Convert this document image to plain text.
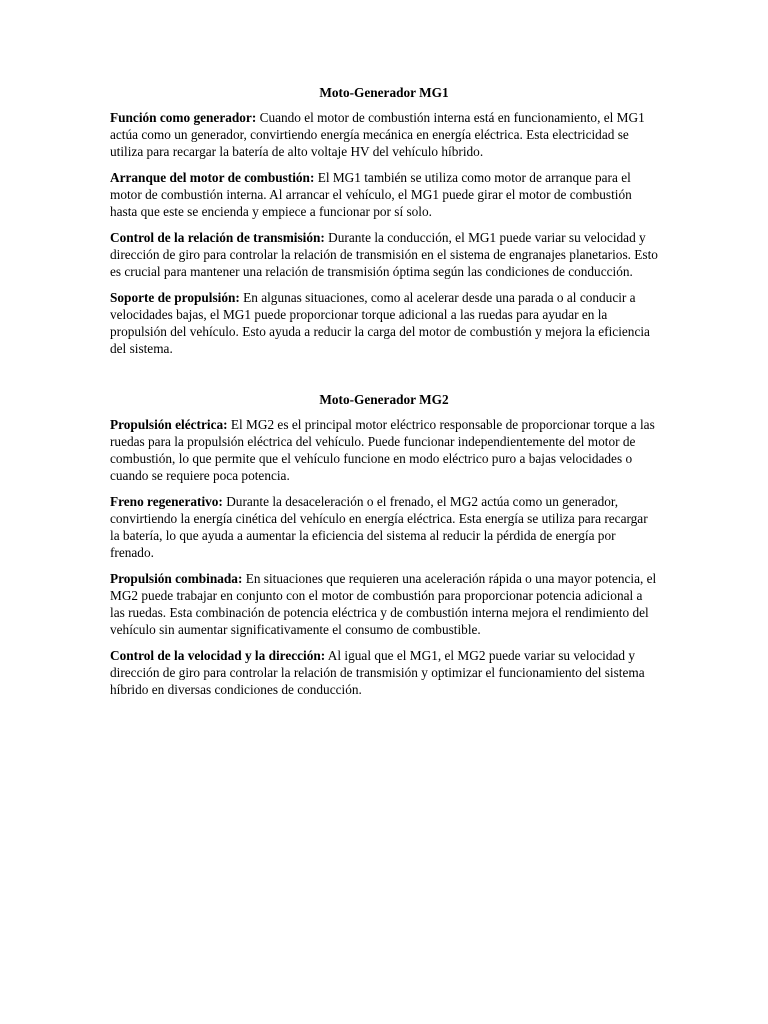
Moto-Generador MG1

Función como generador: Cuando el motor de combustión interna está en funcionamiento, el MG1 actúa como un generador, convirtiendo energía mecánica en energía eléctrica. Esta electricidad se utiliza para recargar la batería de alto voltaje HV del vehículo híbrido.

Arranque del motor de combustión: El MG1 también se utiliza como motor de arranque para el motor de combustión interna. Al arrancar el vehículo, el MG1 puede girar el motor de combustión hasta que este se encienda y empiece a funcionar por sí solo.

Control de la relación de transmisión: Durante la conducción, el MG1 puede variar su velocidad y dirección de giro para controlar la relación de transmisión en el sistema de engranajes planetarios. Esto es crucial para mantener una relación de transmisión óptima según las condiciones de conducción.

Soporte de propulsión: En algunas situaciones, como al acelerar desde una parada o al conducir a velocidades bajas, el MG1 puede proporcionar torque adicional a las ruedas para ayudar en la propulsión del vehículo. Esto ayuda a reducir la carga del motor de combustión y mejora la eficiencia del sistema.

Moto-Generador MG2

Propulsión eléctrica: El MG2 es el principal motor eléctrico responsable de proporcionar torque a las ruedas para la propulsión eléctrica del vehículo. Puede funcionar independientemente del motor de combustión, lo que permite que el vehículo funcione en modo eléctrico puro a bajas velocidades o cuando se requiere poca potencia.

Freno regenerativo: Durante la desaceleración o el frenado, el MG2 actúa como un generador, convirtiendo la energía cinética del vehículo en energía eléctrica. Esta energía se utiliza para recargar la batería, lo que ayuda a aumentar la eficiencia del sistema al reducir la pérdida de energía por frenado.

Propulsión combinada: En situaciones que requieren una aceleración rápida o una mayor potencia, el MG2 puede trabajar en conjunto con el motor de combustión para proporcionar potencia adicional a las ruedas. Esta combinación de potencia eléctrica y de combustión interna mejora el rendimiento del vehículo sin aumentar significativamente el consumo de combustible.

Control de la velocidad y la dirección: Al igual que el MG1, el MG2 puede variar su velocidad y dirección de giro para controlar la relación de transmisión y optimizar el funcionamiento del sistema híbrido en diversas condiciones de conducción.
